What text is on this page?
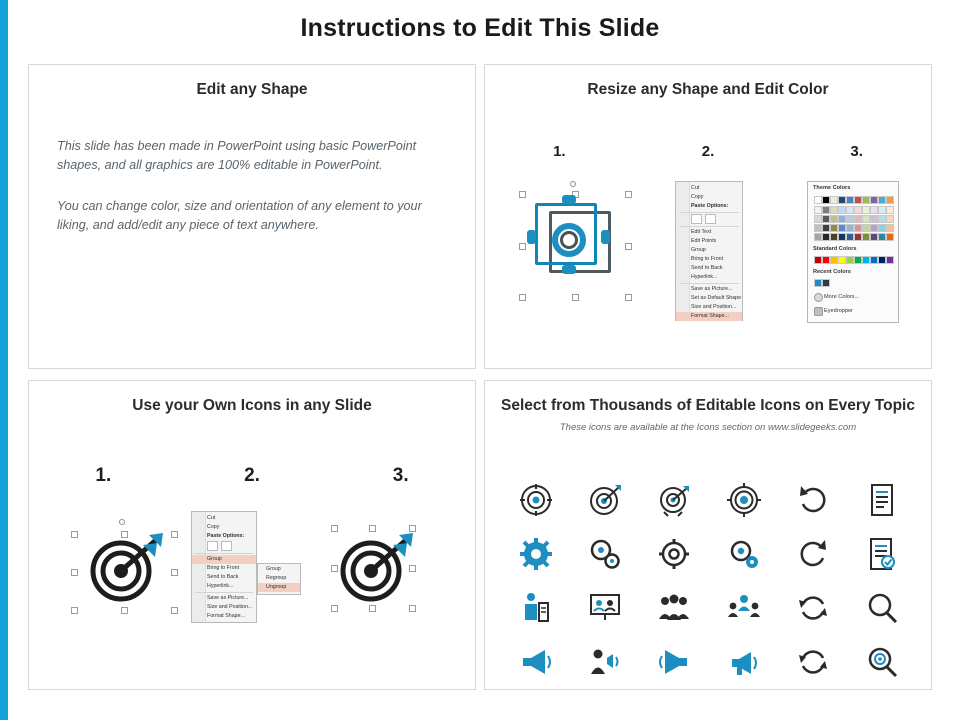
Instructions to Edit This Slide
Edit any Shape
This slide has been made in PowerPoint using basic PowerPoint shapes, and all graphics are 100% editable in PowerPoint.
You can change color, size and orientation of any element to your liking, and add/edit any piece of text anywhere.
Resize any Shape and Edit Color
1.	2.	3.
Cut
Copy
Paste Options:

Edit Text
Edit Points
Group
Bring to Front
Send to Back
Hyperlink...
Save as Picture...
Set as Default Shape
Size and Position...
Format Shape...
Theme Colors
Standard Colors
Recent Colors
More Colors...
Eyedropper
Use your Own Icons in any Slide
1.	2.	3.
Cut
Copy
Paste Options:

Group
Bring to Front
Send to Back
Hyperlink...
Save as Picture...
Size and Position...
Format Shape...
Group
Regroup
Ungroup
Select from Thousands of Editable Icons on Every Topic
These icons are available at the Icons section on www.slidegeeks.com
